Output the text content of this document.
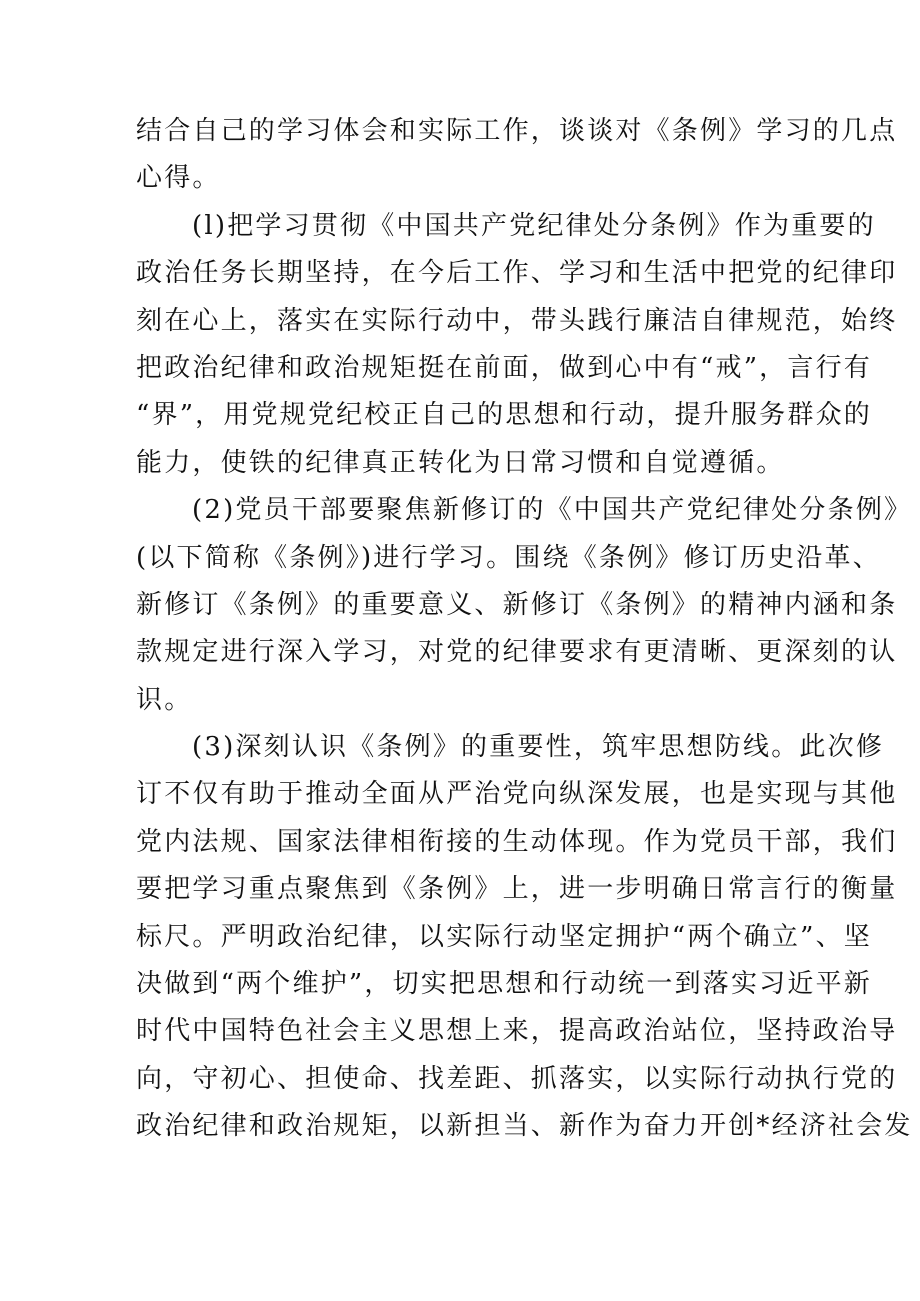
结合自己的学习体会和实际工作，谈谈对《条例》学习的几点
心得。
(l)把学习贯彻《中国共产党纪律处分条例》作为重要的
政治任务长期坚持，在今后工作、学习和生活中把党的纪律印
刻在心上，落实在实际行动中，带头践行廉洁自律规范，始终
把政治纪律和政治规矩挺在前面，做到心中有“戒”，言行有
“界”，用党规党纪校正自己的思想和行动，提升服务群众的
能力，使铁的纪律真正转化为日常习惯和自觉遵循。
(2)党员干部要聚焦新修订的《中国共产党纪律处分条例》
(以下简称《条例》)进行学习。围绕《条例》修订历史沿革、
新修订《条例》的重要意义、新修订《条例》的精神内涵和条
款规定进行深入学习，对党的纪律要求有更清晰、更深刻的认
识。
(3)深刻认识《条例》的重要性，筑牢思想防线。此次修
订不仅有助于推动全面从严治党向纵深发展，也是实现与其他
党内法规、国家法律相衔接的生动体现。作为党员干部，我们
要把学习重点聚焦到《条例》上，进一步明确日常言行的衡量
标尺。严明政治纪律，以实际行动坚定拥护“两个确立”、坚
决做到“两个维护”，切实把思想和行动统一到落实习近平新
时代中国特色社会主义思想上来，提高政治站位，坚持政治导
向，守初心、担使命、找差距、抓落实，以实际行动执行党的
政治纪律和政治规矩，以新担当、新作为奋力开创*经济社会发
